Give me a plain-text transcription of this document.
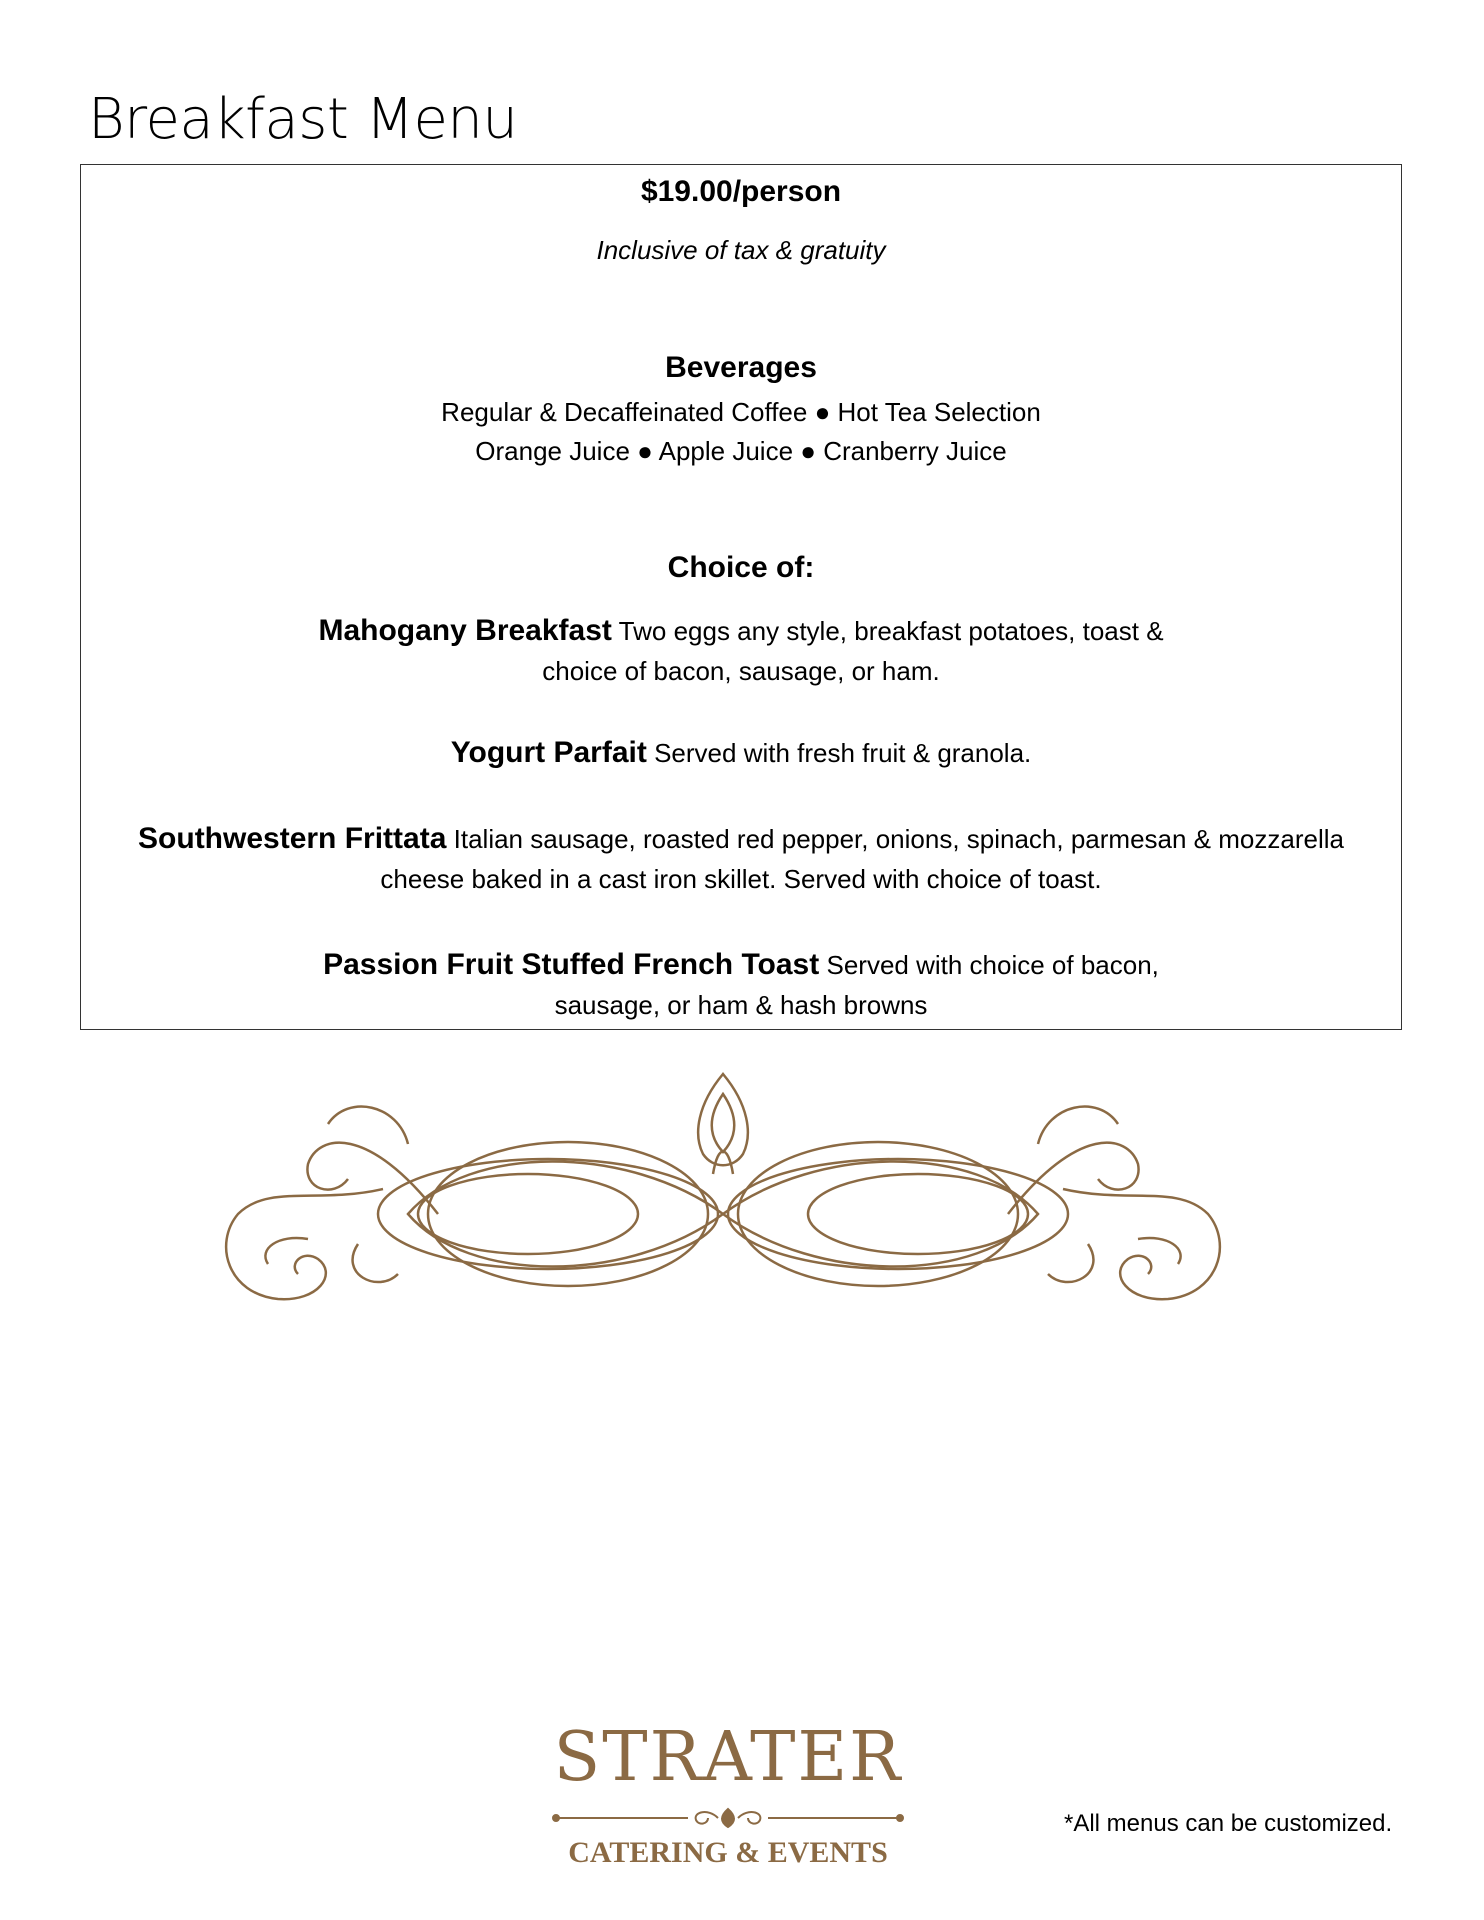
Breakfast Menu
$19.00/person
Inclusive of tax & gratuity
Beverages
Regular & Decaffeinated Coffee ● Hot Tea Selection
Orange Juice ● Apple Juice ● Cranberry Juice
Choice of:
Mahogany Breakfast Two eggs any style, breakfast potatoes, toast &
choice of bacon, sausage, or ham.
Yogurt Parfait Served with fresh fruit & granola.
Southwestern Frittata Italian sausage, roasted red pepper, onions, spinach, parmesan & mozzarella
cheese baked in a cast iron skillet. Served with choice of toast.
Passion Fruit Stuffed French Toast Served with choice of bacon,
sausage, or ham & hash browns
STRATER
CATERING & EVENTS
*All menus can be customized.
